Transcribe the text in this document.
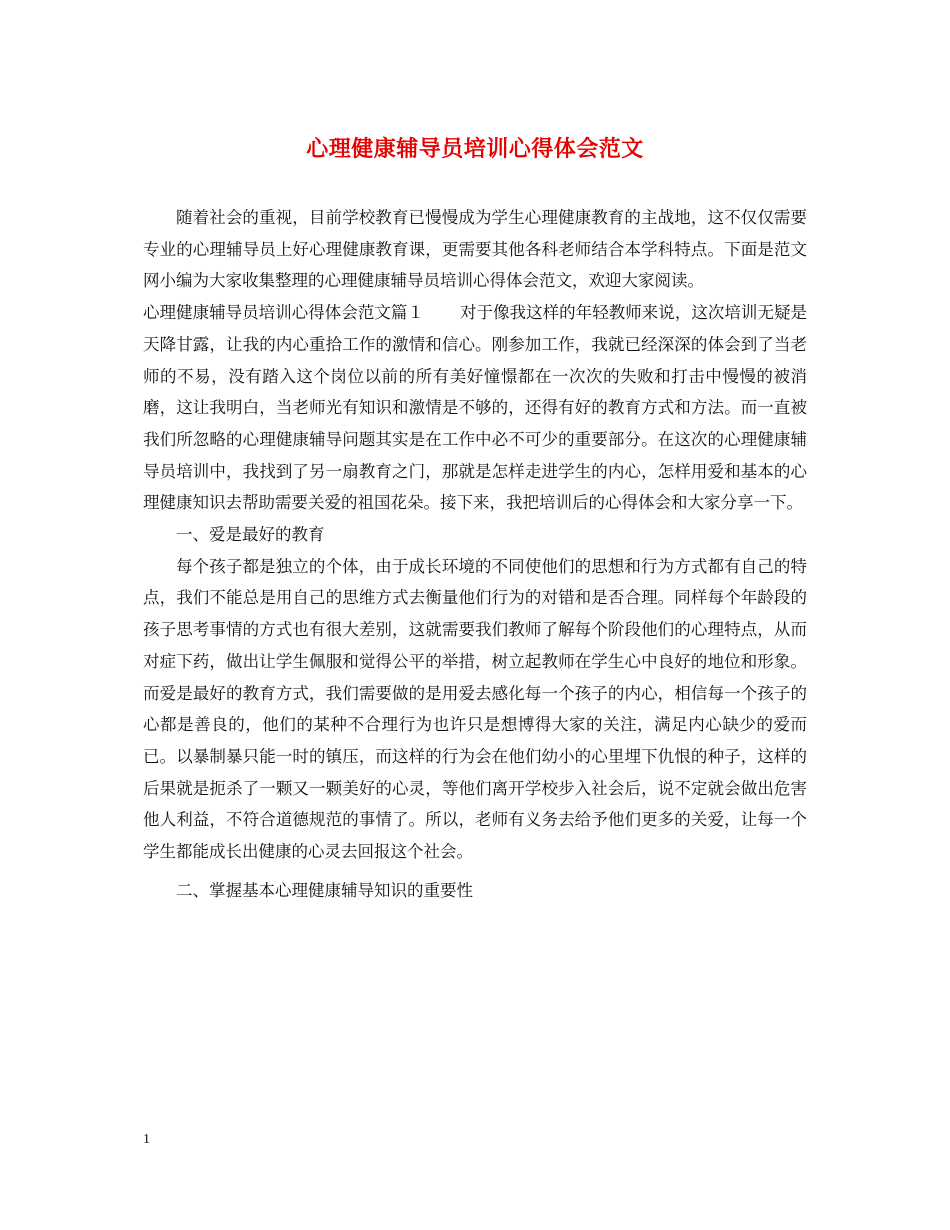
心理健康辅导员培训心得体会范文

随着社会的重视，目前学校教育已慢慢成为学生心理健康教育的主战地，这不仅仅需要专业的心理辅导员上好心理健康教育课，更需要其他各科老师结合本学科特点。下面是范文网小编为大家收集整理的心理健康辅导员培训心得体会范文，欢迎大家阅读。

心理健康辅导员培训心得体会范文篇１ 对于像我这样的年轻教师来说，这次培训无疑是天降甘露，让我的内心重拾工作的激情和信心。刚参加工作，我就已经深深的体会到了当老师的不易，没有踏入这个岗位以前的所有美好憧憬都在一次次的失败和打击中慢慢的被消磨，这让我明白，当老师光有知识和激情是不够的，还得有好的教育方式和方法。而一直被我们所忽略的心理健康辅导问题其实是在工作中必不可少的重要部分。在这次的心理健康辅导员培训中，我找到了另一扇教育之门，那就是怎样走进学生的内心，怎样用爱和基本的心理健康知识去帮助需要关爱的祖国花朵。接下来，我把培训后的心得体会和大家分享一下。

一、爱是最好的教育

每个孩子都是独立的个体，由于成长环境的不同使他们的思想和行为方式都有自己的特点，我们不能总是用自己的思维方式去衡量他们行为的对错和是否合理。同样每个年龄段的孩子思考事情的方式也有很大差别，这就需要我们教师了解每个阶段他们的心理特点，从而对症下药，做出让学生佩服和觉得公平的举措，树立起教师在学生心中良好的地位和形象。而爱是最好的教育方式，我们需要做的是用爱去感化每一个孩子的内心，相信每一个孩子的心都是善良的，他们的某种不合理行为也许只是想博得大家的关注，满足内心缺少的爱而已。以暴制暴只能一时的镇压，而这样的行为会在他们幼小的心里埋下仇恨的种子，这样的后果就是扼杀了一颗又一颗美好的心灵，等他们离开学校步入社会后，说不定就会做出危害他人利益，不符合道德规范的事情了。所以，老师有义务去给予他们更多的关爱，让每一个学生都能成长出健康的心灵去回报这个社会。

二、掌握基本心理健康辅导知识的重要性

1
